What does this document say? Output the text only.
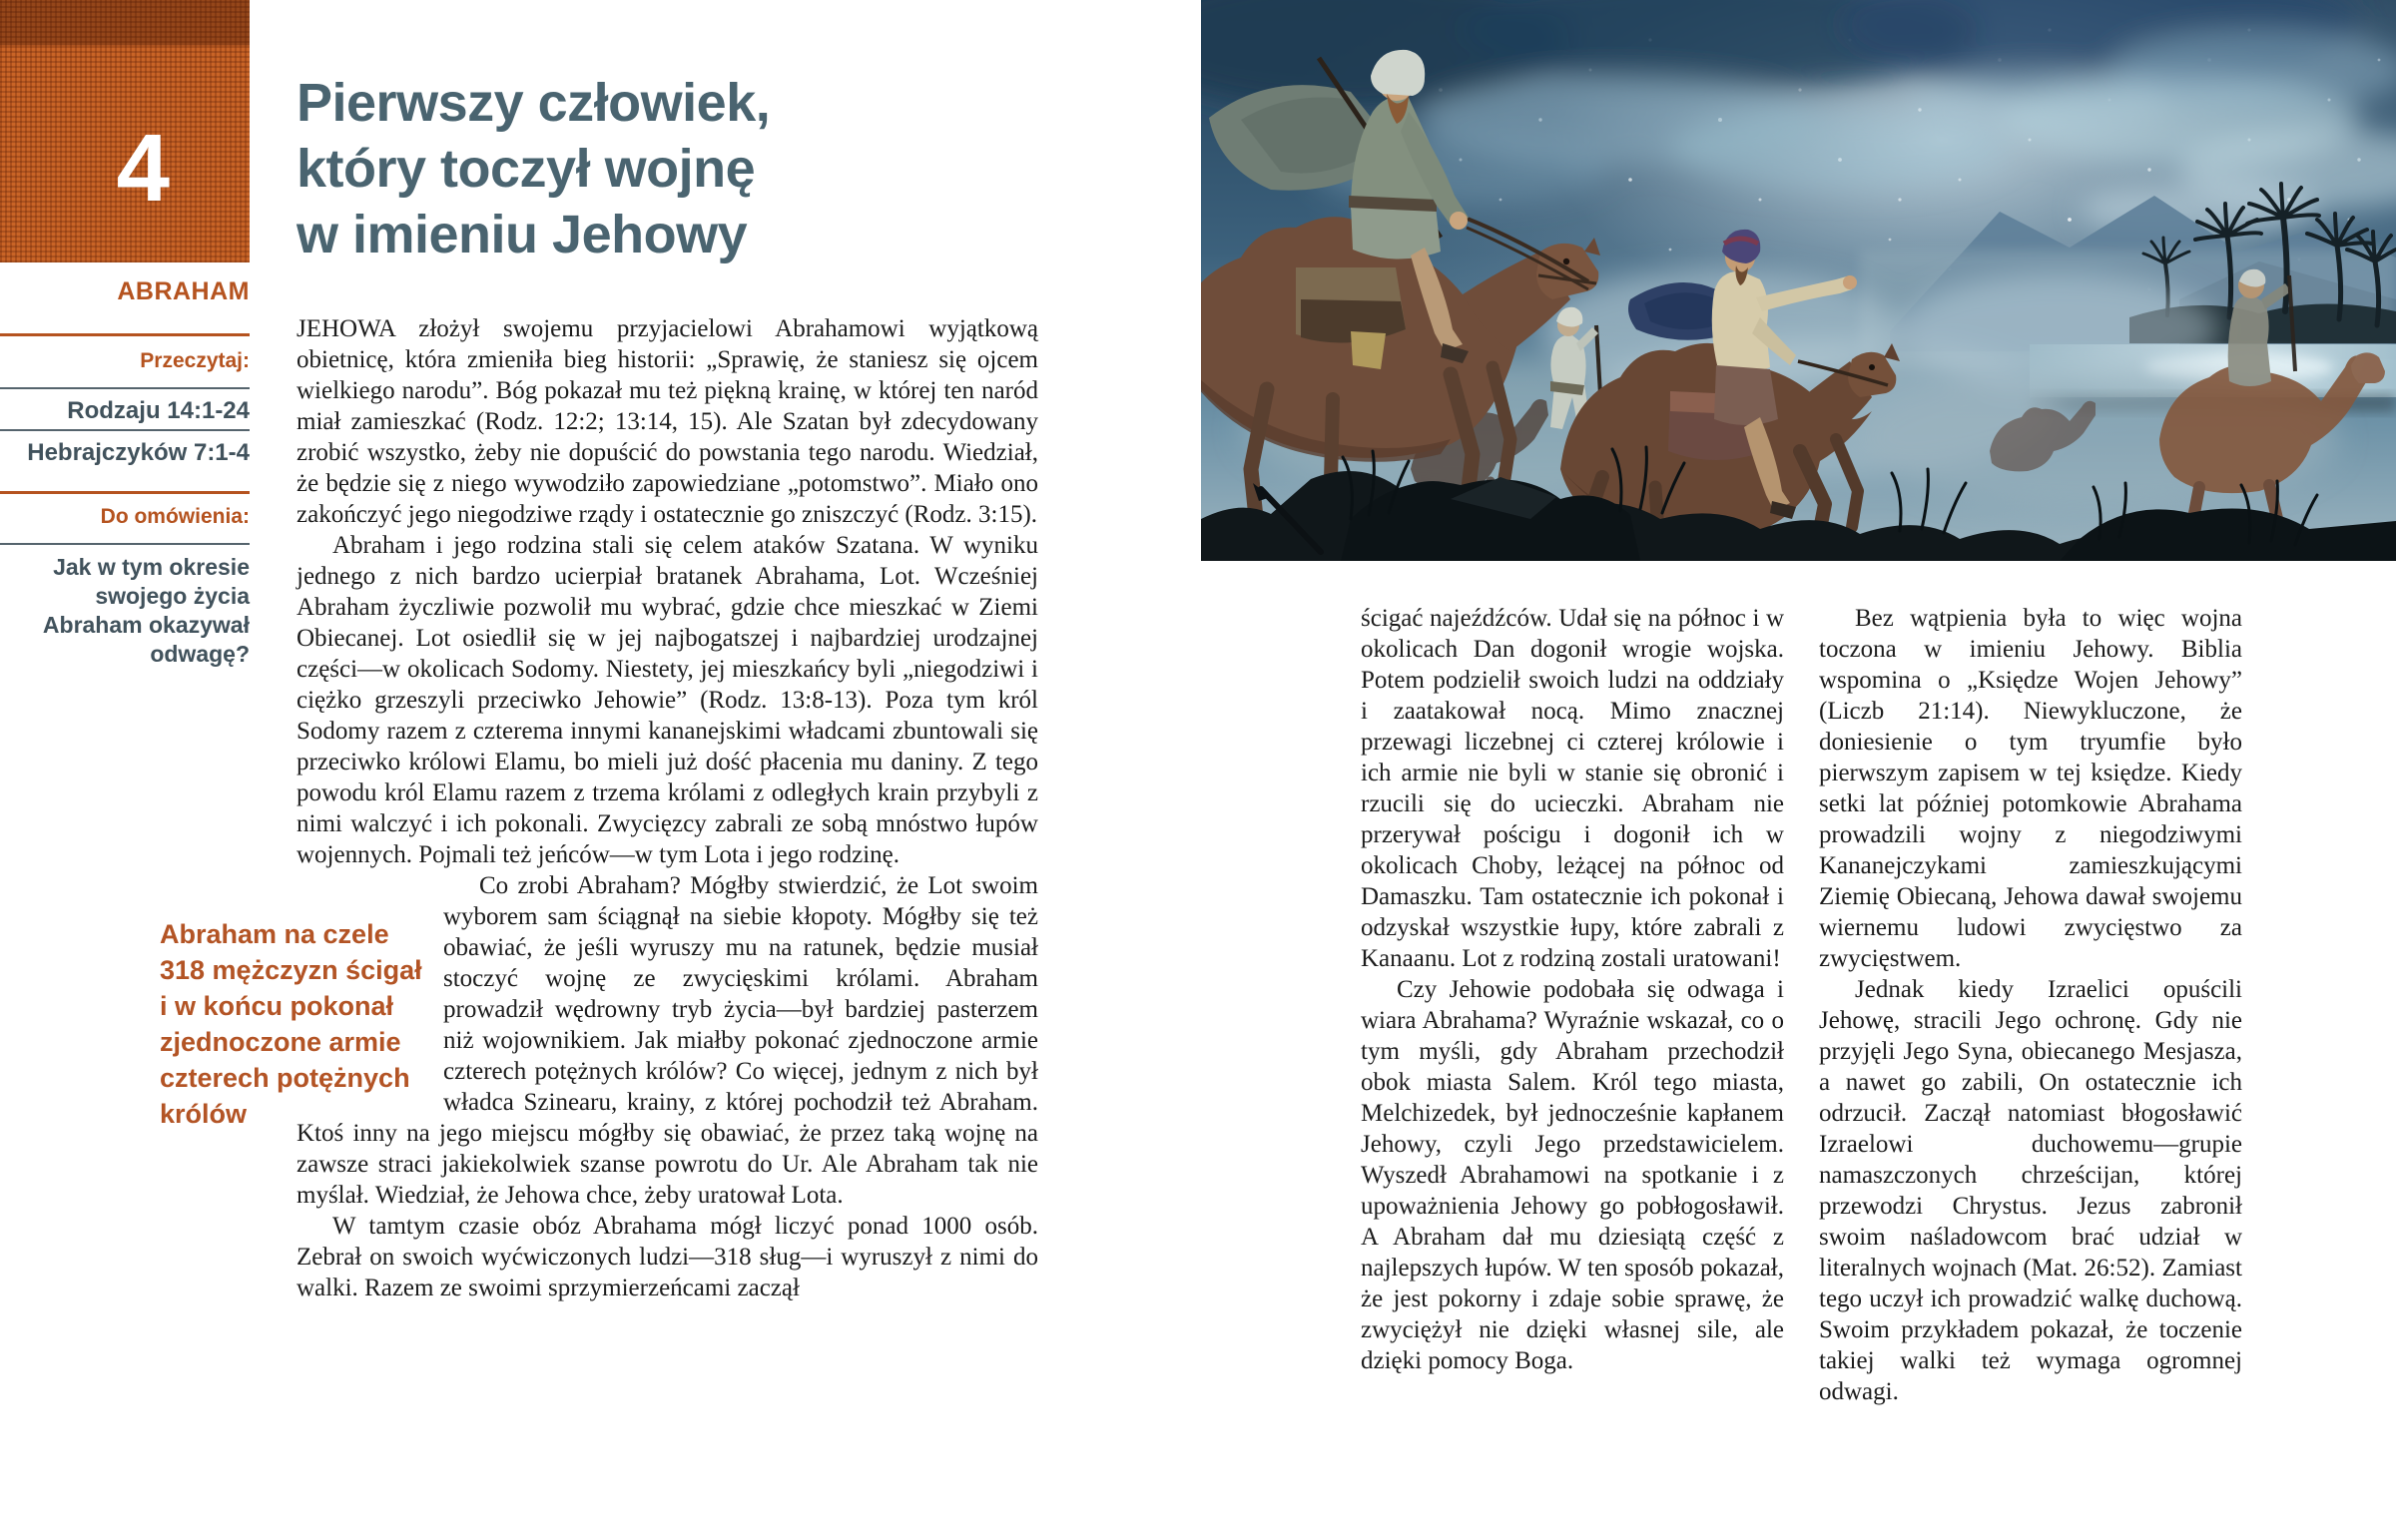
4
ABRAHAM
Przeczytaj:
Rodzaju 14:1-24
Hebrajczyków 7:1-4
Do omówienia:
Jak w tym okresie swojego życia Abraham okazywał odwagę?
Pierwszy człowiek,
który toczył wojnę
w imieniu Jehowy

JEHOWA złożył swojemu przyjacielowi Abrahamowi wyjątkową obietnicę, która zmieniła bieg historii: „Sprawię, że staniesz się ojcem wielkiego narodu”. Bóg pokazał mu też piękną krainę, w której ten naród miał zamieszkać (Rodz. 12:2; 13:14, 15). Ale Szatan był zdecydowany zrobić wszystko, żeby nie dopuścić do powstania tego narodu. Wiedział, że będzie się z niego wywodziło zapowiedziane „potomstwo”. Miało ono zakończyć jego niegodziwe rządy i ostatecznie go zniszczyć (Rodz. 3:15).

Abraham i jego rodzina stali się celem ataków Szatana. W wyniku jednego z nich bardzo ucierpiał bratanek Abrahama, Lot. Wcześniej Abraham życzliwie pozwolił mu wybrać, gdzie chce mieszkać w Ziemi Obiecanej. Lot osiedlił się w jej najbogatszej i najbardziej urodzajnej części—w okolicach Sodomy. Niestety, jej mieszkańcy byli „niegodziwi i ciężko grzeszyli przeciwko Jehowie” (Rodz. 13:8-13). Poza tym król Sodomy razem z czterema innymi kananejskimi władcami zbuntowali się przeciwko królowi Elamu, bo mieli już dość płacenia mu daniny. Z tego powodu król Elamu razem z trzema królami z odległych krain przybyli z nimi walczyć i ich pokonali. Zwycięzcy zabrali ze sobą mnóstwo łupów wojennych. Pojmali też jeńców—w tym Lota i jego rodzinę.

Abraham na czele 318 mężczyzn ścigał i w końcu pokonał zjednoczone armie czterech potężnych królów
Co zrobi Abraham? Mógłby stwierdzić, że Lot swoim wyborem sam ściągnął na siebie kłopoty. Mógłby się też obawiać, że jeśli wyruszy mu na ratunek, będzie musiał stoczyć wojnę ze zwycięskimi królami. Abraham prowadził wędrowny tryb życia—był bardziej pasterzem niż wojownikiem. Jak miałby pokonać zjednoczone armie czterech potężnych królów? Co więcej, jednym z nich był władca Szinearu, krainy, z której pochodził też Abraham. Ktoś inny na jego miejscu mógłby się obawiać, że przez taką wojnę na zawsze straci jakiekolwiek szanse powrotu do Ur. Ale Abraham tak nie myślał. Wiedział, że Jehowa chce, żeby uratował Lota.

W tamtym czasie obóz Abrahama mógł liczyć ponad 1000 osób. Zebrał on swoich wyćwiczonych ludzi—318 sług—i wyruszył z nimi do walki. Razem ze swoimi sprzymierzeńcami zaczął

ścigać najeźdźców. Udał się na północ i w okolicach Dan dogonił wrogie wojska. Potem podzielił swoich ludzi na oddziały i zaatakował nocą. Mimo znacznej przewagi liczebnej ci czterej królowie i ich armie nie byli w stanie się obronić i rzucili się do ucieczki. Abraham nie przerywał pościgu i dogonił ich w okolicach Choby, leżącej na północ od Damaszku. Tam ostatecznie ich pokonał i odzyskał wszystkie łupy, które zabrali z Kanaanu. Lot z rodziną zostali uratowani!

Czy Jehowie podobała się odwaga i wiara Abrahama? Wyraźnie wskazał, co o tym myśli, gdy Abraham przechodził obok miasta Salem. Król tego miasta, Melchizedek, był jednocześnie kapłanem Jehowy, czyli Jego przedstawicielem. Wyszedł Abrahamowi na spotkanie i z upoważnienia Jehowy go pobłogosławił. A Abraham dał mu dziesiątą część z najlepszych łupów. W ten sposób pokazał, że jest pokorny i zdaje sobie sprawę, że zwyciężył nie dzięki własnej sile, ale dzięki pomocy Boga.

Bez wątpienia była to więc wojna toczona w imieniu Jehowy. Biblia wspomina o „Księdze Wojen Jehowy” (Liczb 21:14). Niewykluczone, że doniesienie o tym tryumfie było pierwszym zapisem w tej księdze. Kiedy setki lat później potomkowie Abrahama prowadzili wojny z niegodziwymi Kananejczykami zamieszkującymi Ziemię Obiecaną, Jehowa dawał swojemu wiernemu ludowi zwycięstwo za zwycięstwem.

Jednak kiedy Izraelici opuścili Jehowę, stracili Jego ochronę. Gdy nie przyjęli Jego Syna, obiecanego Mesjasza, a nawet go zabili, On ostatecznie ich odrzucił. Zaczął natomiast błogosławić Izraelowi duchowemu—grupie namaszczonych chrześcijan, której przewodzi Chrystus. Jezus zabronił swoim naśladowcom brać udział w literalnych wojnach (Mat. 26:52). Zamiast tego uczył ich prowadzić walkę duchową. Swoim przykładem pokazał, że toczenie takiej walki też wymaga ogromnej odwagi.
